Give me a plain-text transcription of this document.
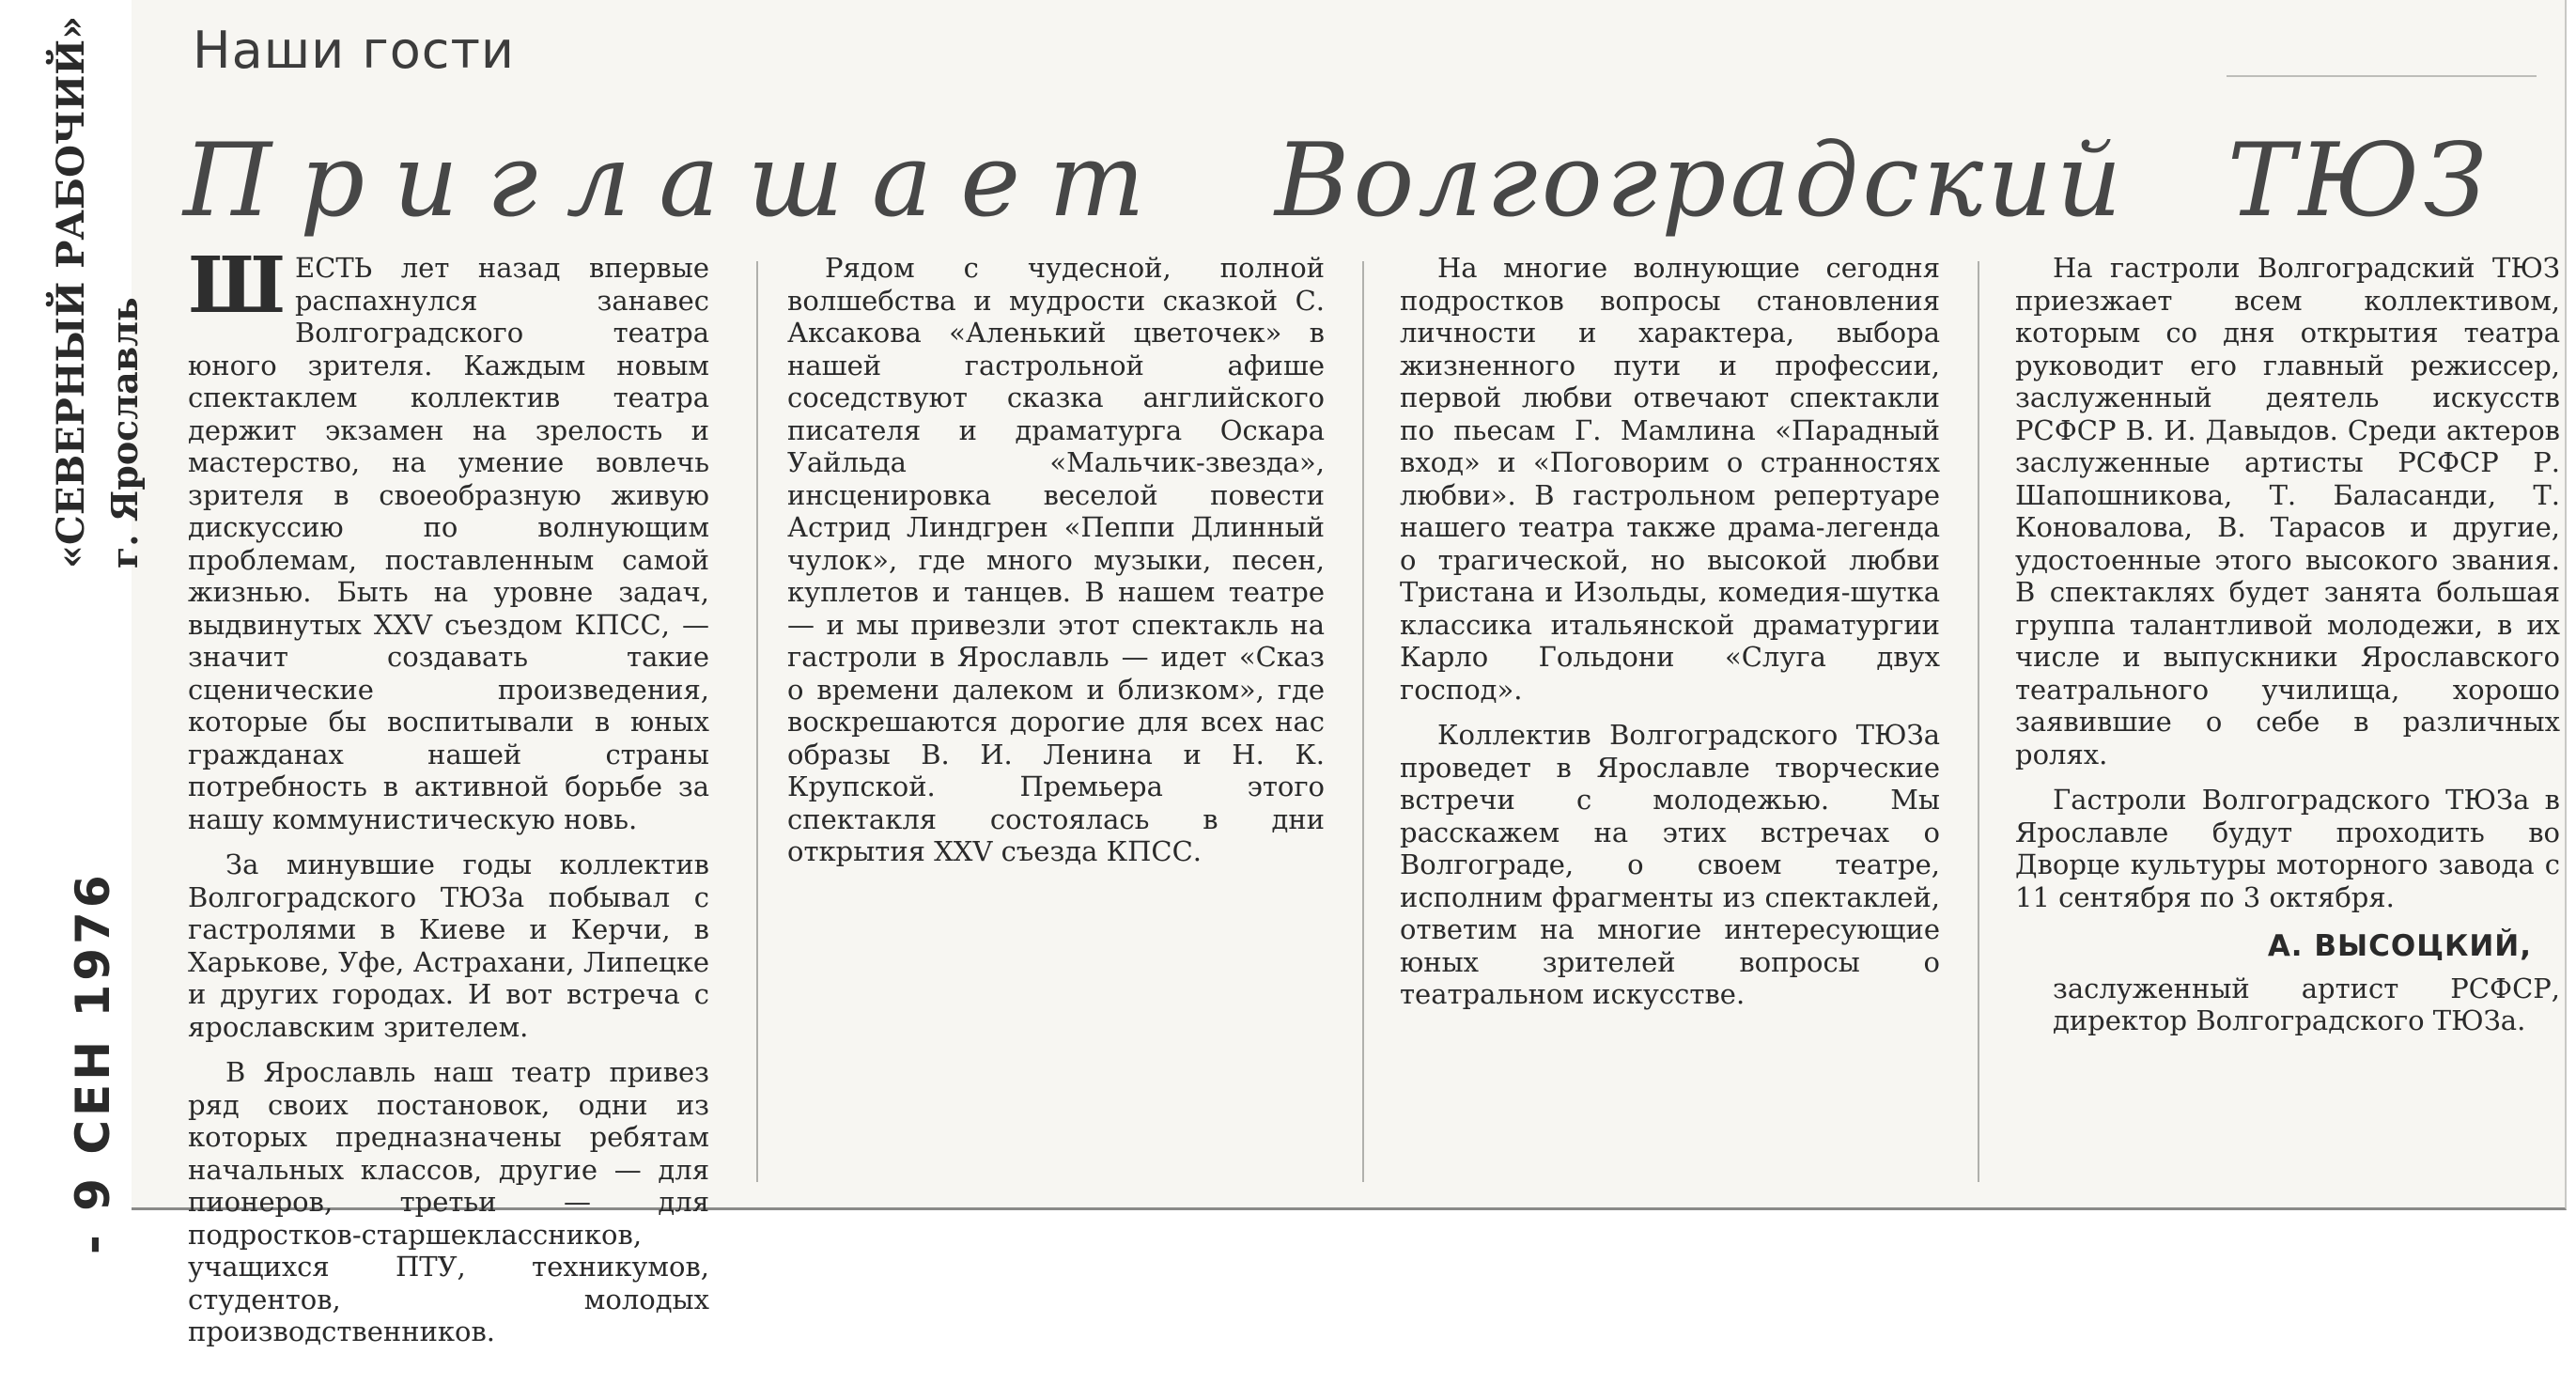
«СЕВЕРНЫЙ РАБОЧИЙ» г. Ярославль
- 9 СЕН 1976
Наши гости
Приглашает Волгоградский ТЮЗ

ШЕСТЬ лет назад впервые распахнулся занавес Волгоградского театра юного зрителя. Каждым новым спектаклем коллектив театра держит экзамен на зрелость и мастерство, на умение вовлечь зрителя в своеобразную живую дискуссию по волнующим проблемам, поставленным самой жизнью. Быть на уровне задач, выдвинутых XXV съездом КПСС, — значит создавать такие сценические произведения, которые бы воспитывали в юных гражданах нашей страны потребность в активной борьбе за нашу коммунистическую новь.

За минувшие годы коллектив Волгоградского ТЮЗа побывал с гастролями в Киеве и Керчи, в Харькове, Уфе, Астрахани, Липецке и других городах. И вот встреча с ярославским зрителем.

В Ярославль наш театр привез ряд своих постановок, одни из которых предназначены ребятам начальных классов, другие — для пионеров, третьи — для подростков-старшеклассников, учащихся ПТУ, техникумов, студентов, молодых производственников.

Рядом с чудесной, полной волшебства и мудрости сказкой С. Аксакова «Аленький цветочек» в нашей гастрольной афише соседствуют сказка английского писателя и драматурга Оскара Уайльда «Мальчик-звезда», инсценировка веселой повести Астрид Линдгрен «Пеппи Длинный чулок», где много музыки, песен, куплетов и танцев. В нашем театре — и мы привезли этот спектакль на гастроли в Ярославль — идет «Сказ о времени далеком и близком», где воскрешаются дорогие для всех нас образы В. И. Ленина и Н. К. Крупской. Премьера этого спектакля состоялась в дни открытия XXV съезда КПСС.

На многие волнующие сегодня подростков вопросы становления личности и характера, выбора жизненного пути и профессии, первой любви отвечают спектакли по пьесам Г. Мамлина «Парадный вход» и «Поговорим о странностях любви». В гастрольном репертуаре нашего театра также драма-легенда о трагической, но высокой любви Тристана и Изольды, комедия-шутка классика итальянской драматургии Карло Гольдони «Слуга двух господ».

Коллектив Волгоградского ТЮЗа проведет в Ярославле творческие встречи с молодежью. Мы расскажем на этих встречах о Волгограде, о своем театре, исполним фрагменты из спектаклей, ответим на многие интересующие юных зрителей вопросы о театральном искусстве.

На гастроли Волгоградский ТЮЗ приезжает всем коллективом, которым со дня открытия театра руководит его главный режиссер, заслуженный деятель искусств РСФСР В. И. Давыдов. Среди актеров заслуженные артисты РСФСР Р. Шапошникова, Т. Баласанди, Т. Коновалова, В. Тарасов и другие, удостоенные этого высокого звания. В спектаклях будет занята большая группа талантливой молодежи, в их числе и выпускники Ярославского театрального училища, хорошо заявившие о себе в различных ролях.

Гастроли Волгоградского ТЮЗа в Ярославле будут проходить во Дворце культуры моторного завода с 11 сентября по 3 октября.

А. ВЫСОЦКИЙ,

заслуженный артист РСФСР, директор Волгоградского ТЮЗа.
